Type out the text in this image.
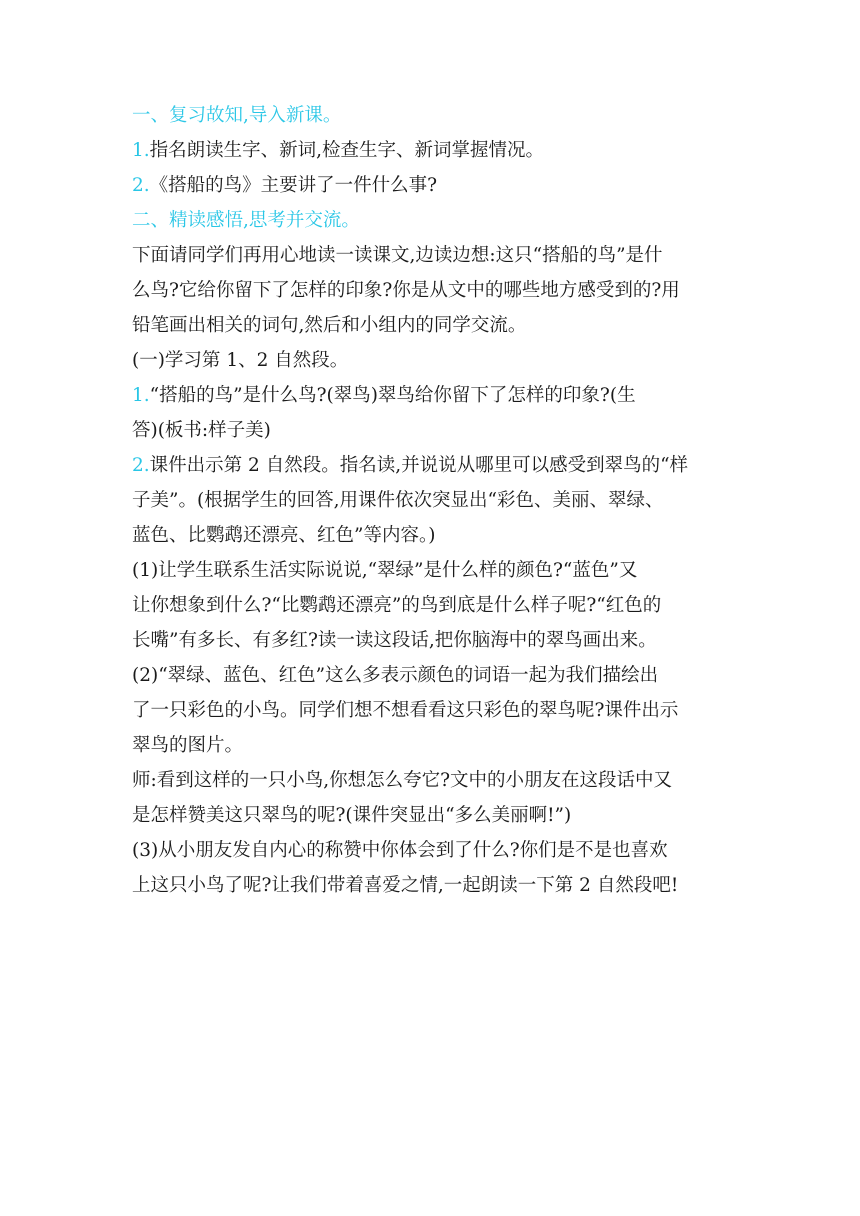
一、复习故知,导入新课。
1.指名朗读生字、新词,检查生字、新词掌握情况。
2.《搭船的鸟》主要讲了一件什么事?
二、精读感悟,思考并交流。
下面请同学们再用心地读一读课文,边读边想:这只“搭船的鸟”是什
么鸟?它给你留下了怎样的印象?你是从文中的哪些地方感受到的?用
铅笔画出相关的词句,然后和小组内的同学交流。
(一)学习第 1、2 自然段。
1.“搭船的鸟”是什么鸟?(翠鸟)翠鸟给你留下了怎样的印象?(生
答)(板书:样子美)
2.课件出示第 2 自然段。指名读,并说说从哪里可以感受到翠鸟的“样
子美”。(根据学生的回答,用课件依次突显出“彩色、美丽、翠绿、
蓝色、比鹦鹉还漂亮、红色”等内容。)
(1)让学生联系生活实际说说,“翠绿”是什么样的颜色?“蓝色”又
让你想象到什么?“比鹦鹉还漂亮”的鸟到底是什么样子呢?“红色的
长嘴”有多长、有多红?读一读这段话,把你脑海中的翠鸟画出来。
(2)“翠绿、蓝色、红色”这么多表示颜色的词语一起为我们描绘出
了一只彩色的小鸟。同学们想不想看看这只彩色的翠鸟呢?课件出示
翠鸟的图片。
师:看到这样的一只小鸟,你想怎么夸它?文中的小朋友在这段话中又
是怎样赞美这只翠鸟的呢?(课件突显出“多么美丽啊!”)
(3)从小朋友发自内心的称赞中你体会到了什么?你们是不是也喜欢
上这只小鸟了呢?让我们带着喜爱之情,一起朗读一下第 2 自然段吧!
